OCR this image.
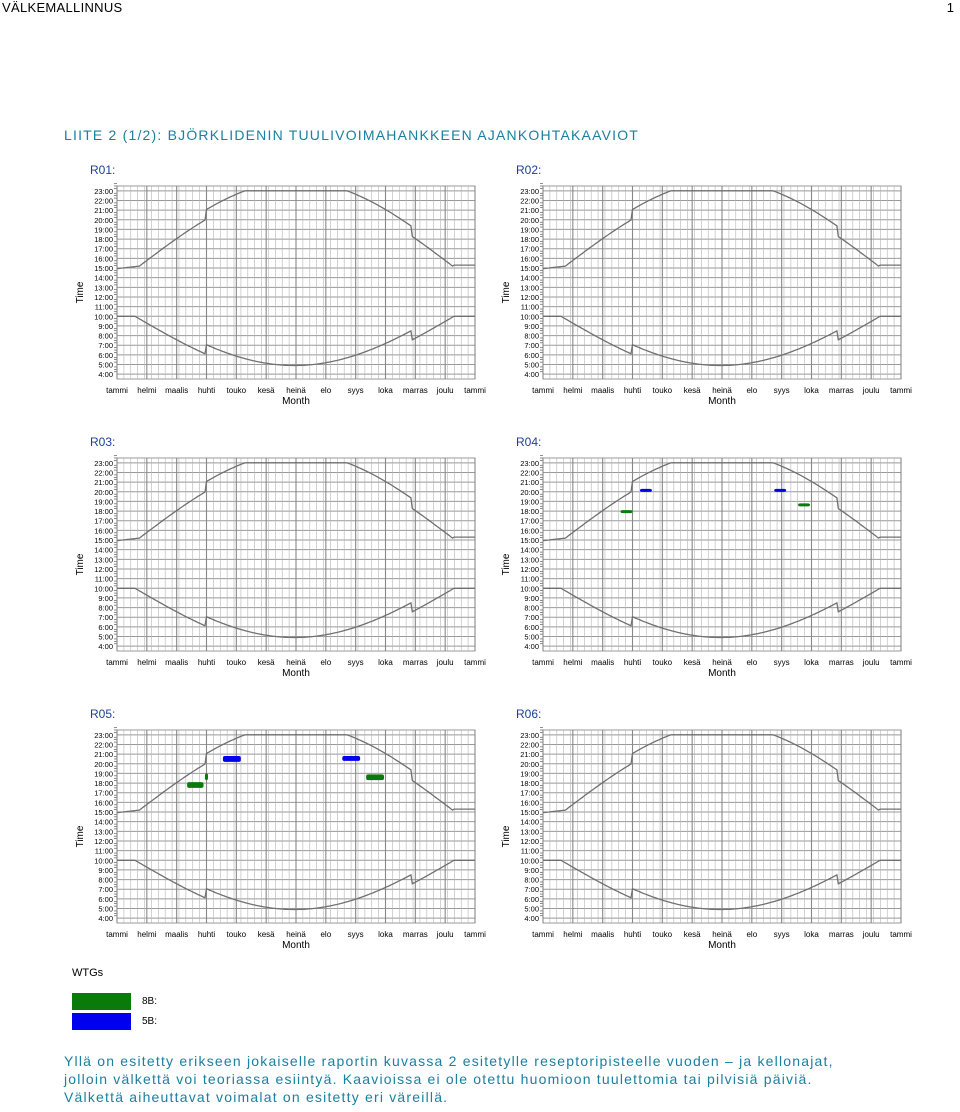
VÄLKEMALLINNUS	1
LIITE 2 (1/2): BJÖRKLIDENIN TUULIVOIMAHANKKEEN AJANKOHTAKAAVIOT
R01:
4:00
5:00
6:00
7:00
8:00
9:00
10:00
11:00
12:00
13:00
14:00
15:00
16:00
17:00
18:00
19:00
20:00
21:00
22:00
23:00
tammi helmi maalis huhti touko kesä heinä elo syys loka marras joulu tammi
Month
Time
R02:
4:00
5:00
6:00
7:00
8:00
9:00
10:00
11:00
12:00
13:00
14:00
15:00
16:00
17:00
18:00
19:00
20:00
21:00
22:00
23:00
tammi helmi maalis huhti touko kesä heinä elo syys loka marras joulu tammi
Month
Time
R03:
4:00
5:00
6:00
7:00
8:00
9:00
10:00
11:00
12:00
13:00
14:00
15:00
16:00
17:00
18:00
19:00
20:00
21:00
22:00
23:00
tammi helmi maalis huhti touko kesä heinä elo syys loka marras joulu tammi
Month
Time
R04:
4:00
5:00
6:00
7:00
8:00
9:00
10:00
11:00
12:00
13:00
14:00
15:00
16:00
17:00
18:00
19:00
20:00
21:00
22:00
23:00
tammi helmi maalis huhti touko kesä heinä elo syys loka marras joulu tammi
Month
Time
R05:
4:00
5:00
6:00
7:00
8:00
9:00
10:00
11:00
12:00
13:00
14:00
15:00
16:00
17:00
18:00
19:00
20:00
21:00
22:00
23:00
tammi helmi maalis huhti touko kesä heinä elo syys loka marras joulu tammi
Month
Time
R06:
4:00
5:00
6:00
7:00
8:00
9:00
10:00
11:00
12:00
13:00
14:00
15:00
16:00
17:00
18:00
19:00
20:00
21:00
22:00
23:00
tammi helmi maalis huhti touko kesä heinä elo syys loka marras joulu tammi
Month
Time
WTGs
8B:
5B:
Yllä on esitetty erikseen jokaiselle raportin kuvassa 2 esitetylle reseptoripisteelle vuoden – ja kellonajat,
jolloin välkettä voi teoriassa esiintyä. Kaavioissa ei ole otettu huomioon tuulettomia tai pilvisiä päiviä.
Välkettä aiheuttavat voimalat on esitetty eri väreillä.
